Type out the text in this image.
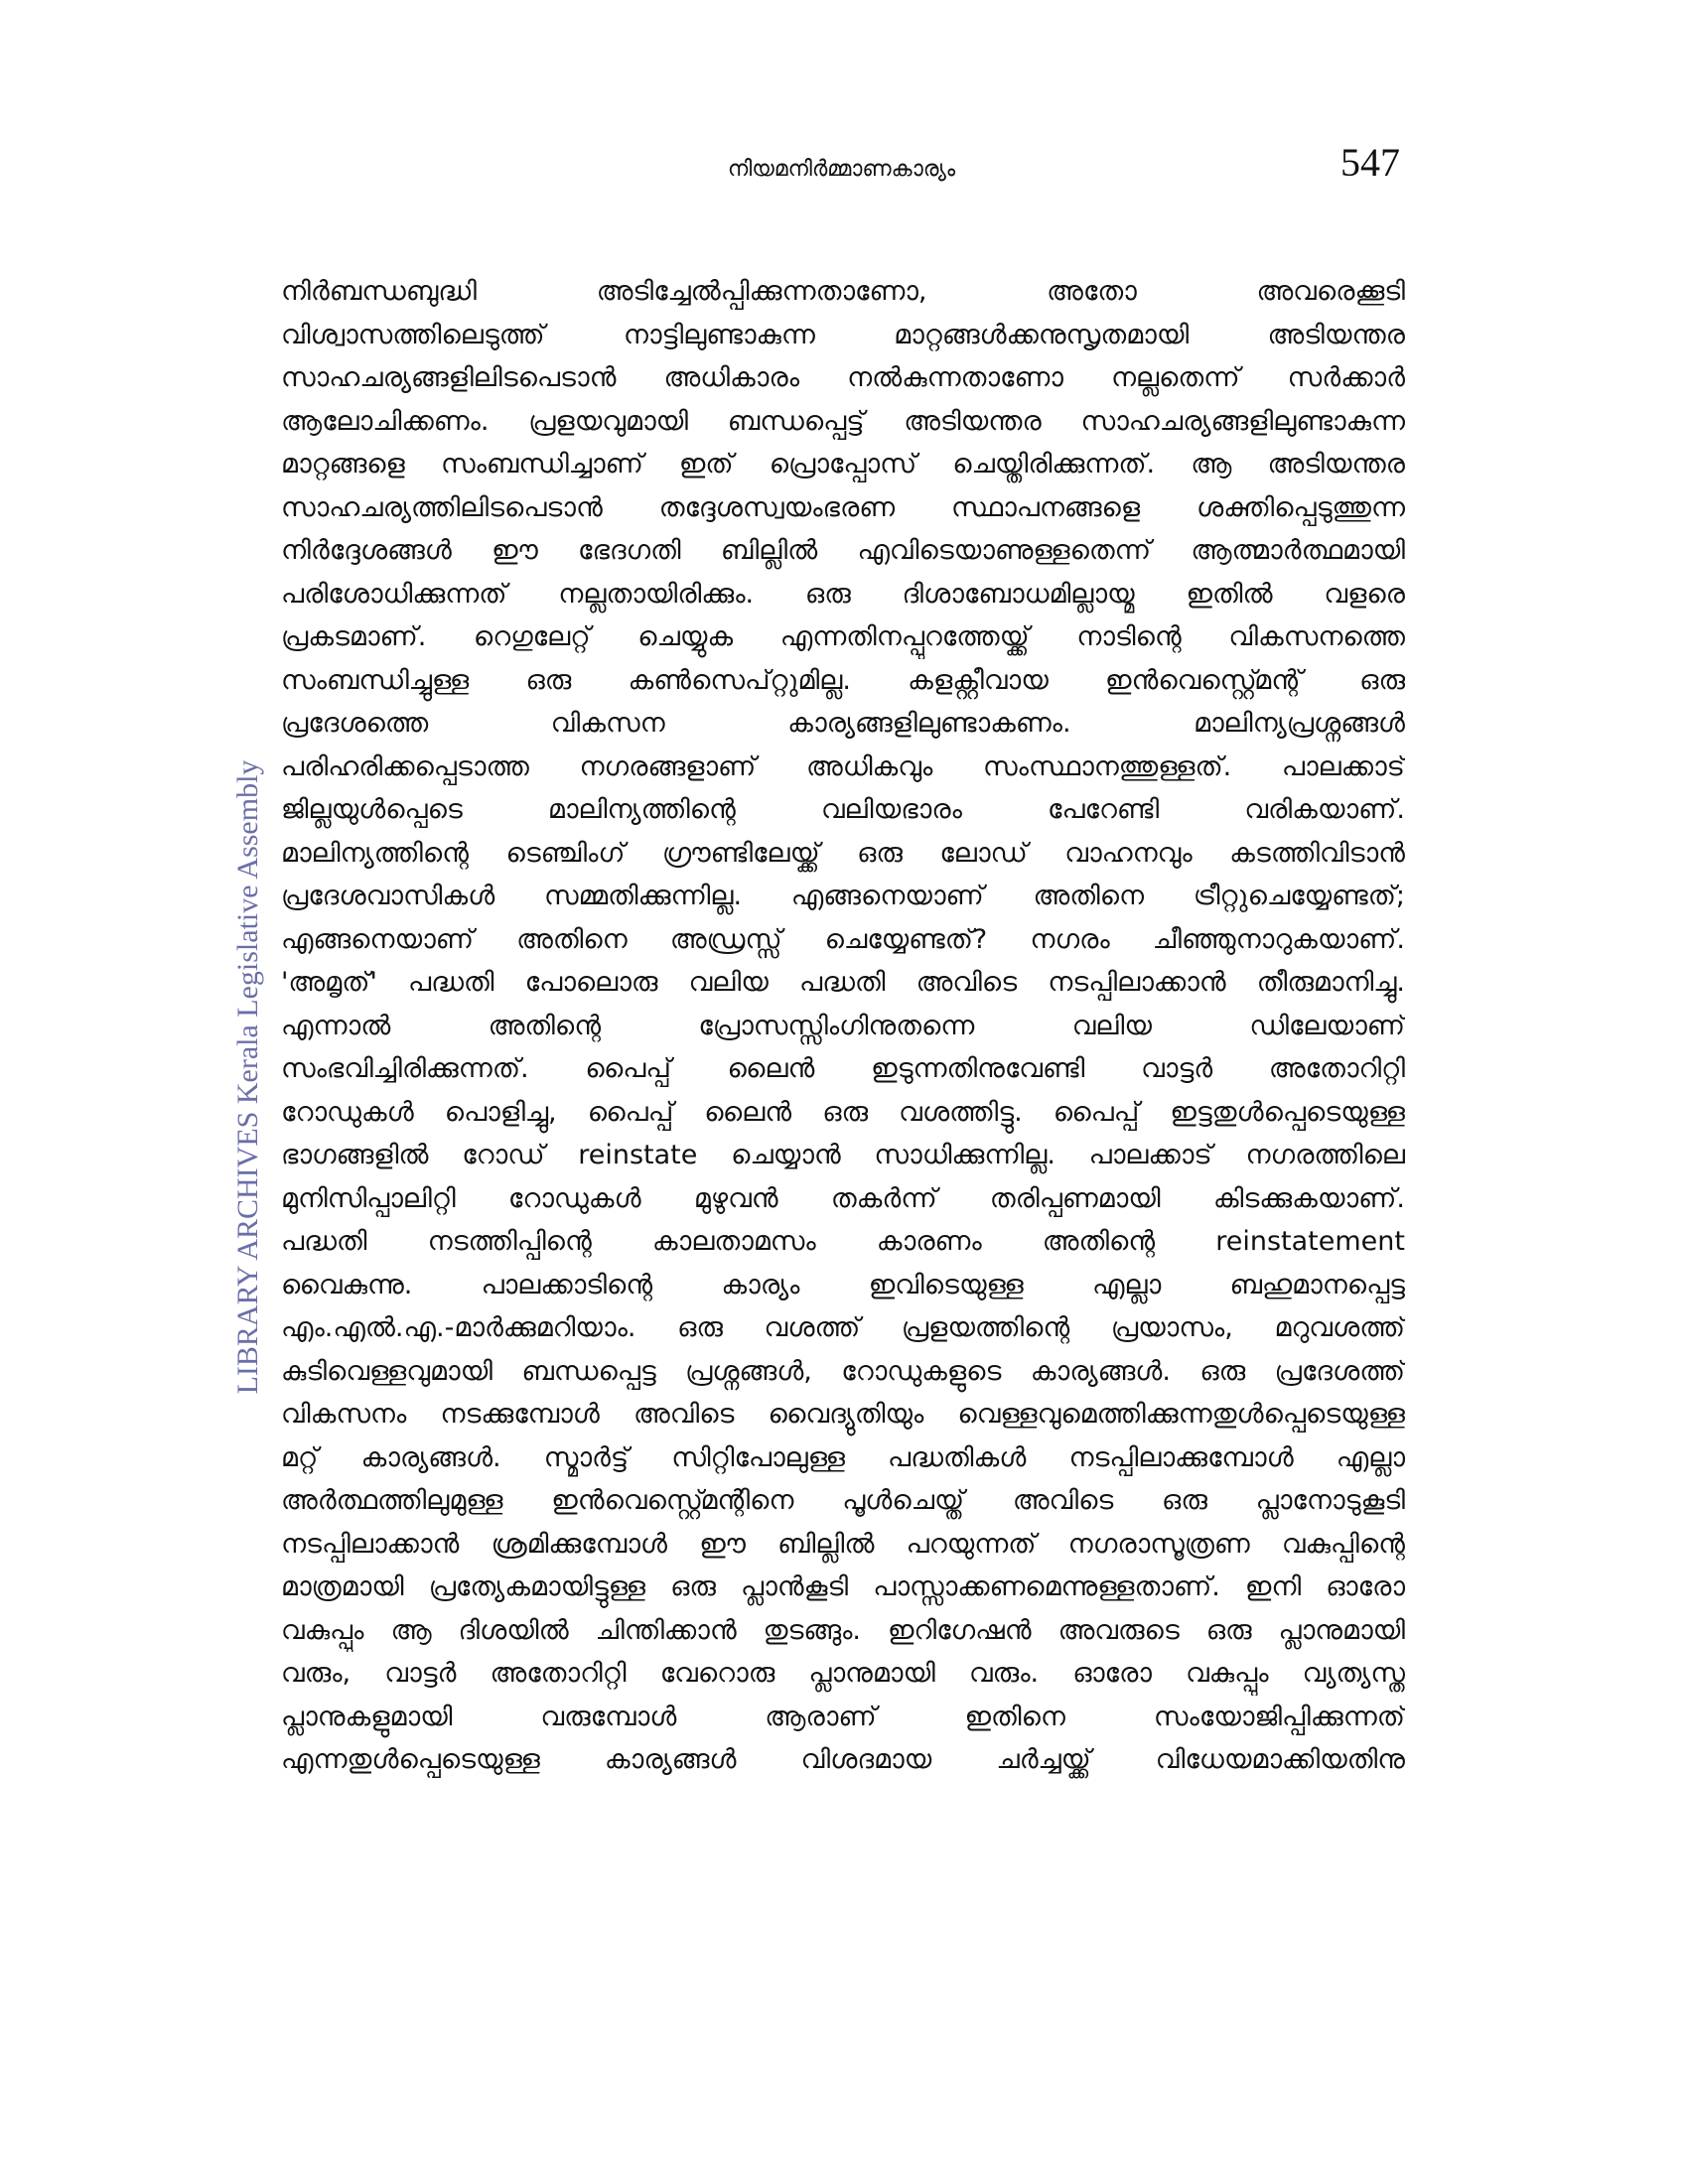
നിയമനിർമ്മാണകാര്യം	547
LIBRARY ARCHIVES Kerala Legislative Assembly
നിർബന്ധബുദ്ധി അടിച്ചേൽപ്പിക്കുന്നതാണോ, അതോ അവരെക്കൂടി
വിശ്വാസത്തിലെടുത്ത് നാട്ടിലുണ്ടാകുന്ന മാറ്റങ്ങൾക്കനുസൃതമായി അടിയന്തര
സാഹചര്യങ്ങളിലിടപെടാൻ അധികാരം നൽകുന്നതാണോ നല്ലതെന്ന് സർക്കാർ
ആലോചിക്കണം. പ്രളയവുമായി ബന്ധപ്പെട്ട് അടിയന്തര സാഹചര്യങ്ങളിലുണ്ടാകുന്ന
മാറ്റങ്ങളെ സംബന്ധിച്ചാണ് ഇത് പ്രൊപ്പോസ് ചെയ്തിരിക്കുന്നത്. ആ അടിയന്തര
സാഹചര്യത്തിലിടപെടാൻ തദ്ദേശസ്വയംഭരണ സ്ഥാപനങ്ങളെ ശക്തിപ്പെടുത്തുന്ന
നിർദ്ദേശങ്ങൾ ഈ ഭേദഗതി ബില്ലിൽ എവിടെയാണുള്ളതെന്ന് ആത്മാർത്ഥമായി
പരിശോധിക്കുന്നത് നല്ലതായിരിക്കും. ഒരു ദിശാബോധമില്ലായ്മ ഇതിൽ വളരെ
പ്രകടമാണ്. റെഗുലേറ്റ് ചെയ്യുക എന്നതിനപ്പുറത്തേയ്ക്ക് നാടിന്റെ വികസനത്തെ
സംബന്ധിച്ചുള്ള ഒരു കൺസെപ്റ്റുമില്ല. കളക്റ്റീവായ ഇൻവെസ്റ്റ്മെന്റ് ഒരു
പ്രദേശത്തെ വികസന കാര്യങ്ങളിലുണ്ടാകണം. മാലിന്യപ്രശ്നങ്ങൾ
പരിഹരിക്കപ്പെടാത്ത നഗരങ്ങളാണ് അധികവും സംസ്ഥാനത്തുള്ളത്. പാലക്കാട്
ജില്ലയുൾപ്പെടെ മാലിന്യത്തിന്റെ വലിയഭാരം പേറേണ്ടി വരികയാണ്.
മാലിന്യത്തിന്റെ ടെഞ്ചിംഗ് ഗ്രൗണ്ടിലേയ്ക്ക് ഒരു ലോഡ് വാഹനവും കടത്തിവിടാൻ
പ്രദേശവാസികൾ സമ്മതിക്കുന്നില്ല. എങ്ങനെയാണ് അതിനെ ട്രീറ്റുചെയ്യേണ്ടത്;
എങ്ങനെയാണ് അതിനെ അഡ്രസ്സ് ചെയ്യേണ്ടത്? നഗരം ചീഞ്ഞുനാറുകയാണ്.
'അമൃത്' പദ്ധതി പോലൊരു വലിയ പദ്ധതി അവിടെ നടപ്പിലാക്കാൻ തീരുമാനിച്ചു.
എന്നാൽ അതിന്റെ പ്രോസസ്സിംഗിനുതന്നെ വലിയ ഡിലേയാണ്
സംഭവിച്ചിരിക്കുന്നത്. പൈപ്പ് ലൈൻ ഇടുന്നതിനുവേണ്ടി വാട്ടർ അതോറിറ്റി
റോഡുകൾ പൊളിച്ചു, പൈപ്പ് ലൈൻ ഒരു വശത്തിട്ടു. പൈപ്പ് ഇട്ടതുൾപ്പെടെയുള്ള
ഭാഗങ്ങളിൽ റോഡ് reinstate ചെയ്യാൻ സാധിക്കുന്നില്ല. പാലക്കാട് നഗരത്തിലെ
മുനിസിപ്പാലിറ്റി റോഡുകൾ മുഴുവൻ തകർന്ന് തരിപ്പണമായി കിടക്കുകയാണ്.
പദ്ധതി നടത്തിപ്പിന്റെ കാലതാമസം കാരണം അതിന്റെ reinstatement
വൈകുന്നു. പാലക്കാടിന്റെ കാര്യം ഇവിടെയുള്ള എല്ലാ ബഹുമാനപ്പെട്ട
എം.എൽ.എ.-മാർക്കുമറിയാം. ഒരു വശത്ത് പ്രളയത്തിന്റെ പ്രയാസം, മറുവശത്ത്
കുടിവെള്ളവുമായി ബന്ധപ്പെട്ട പ്രശ്നങ്ങൾ, റോഡുകളുടെ കാര്യങ്ങൾ. ഒരു പ്രദേശത്ത്
വികസനം നടക്കുമ്പോൾ അവിടെ വൈദ്യുതിയും വെള്ളവുമെത്തിക്കുന്നതുൾപ്പെടെയുള്ള
മറ്റ് കാര്യങ്ങൾ. സ്മാർട്ട് സിറ്റിപോലുള്ള പദ്ധതികൾ നടപ്പിലാക്കുമ്പോൾ എല്ലാ
അർത്ഥത്തിലുമുള്ള ഇൻവെസ്റ്റ്മെന്റിനെ പൂൾചെയ്ത് അവിടെ ഒരു പ്ലാനോടുകൂടി
നടപ്പിലാക്കാൻ ശ്രമിക്കുമ്പോൾ ഈ ബില്ലിൽ പറയുന്നത് നഗരാസൂത്രണ വകുപ്പിന്റെ
മാത്രമായി പ്രത്യേകമായിട്ടുള്ള ഒരു പ്ലാൻകൂടി പാസ്സാക്കണമെന്നുള്ളതാണ്. ഇനി ഓരോ
വകുപ്പും ആ ദിശയിൽ ചിന്തിക്കാൻ തുടങ്ങും. ഇറിഗേഷൻ അവരുടെ ഒരു പ്ലാനുമായി
വരും, വാട്ടർ അതോറിറ്റി വേറൊരു പ്ലാനുമായി വരും. ഓരോ വകുപ്പും വ്യത്യസ്ത
പ്ലാനുകളുമായി വരുമ്പോൾ ആരാണ് ഇതിനെ സംയോജിപ്പിക്കുന്നത്
എന്നതുൾപ്പെടെയുള്ള കാര്യങ്ങൾ വിശദമായ ചർച്ചയ്ക്ക് വിധേയമാക്കിയതിനു
